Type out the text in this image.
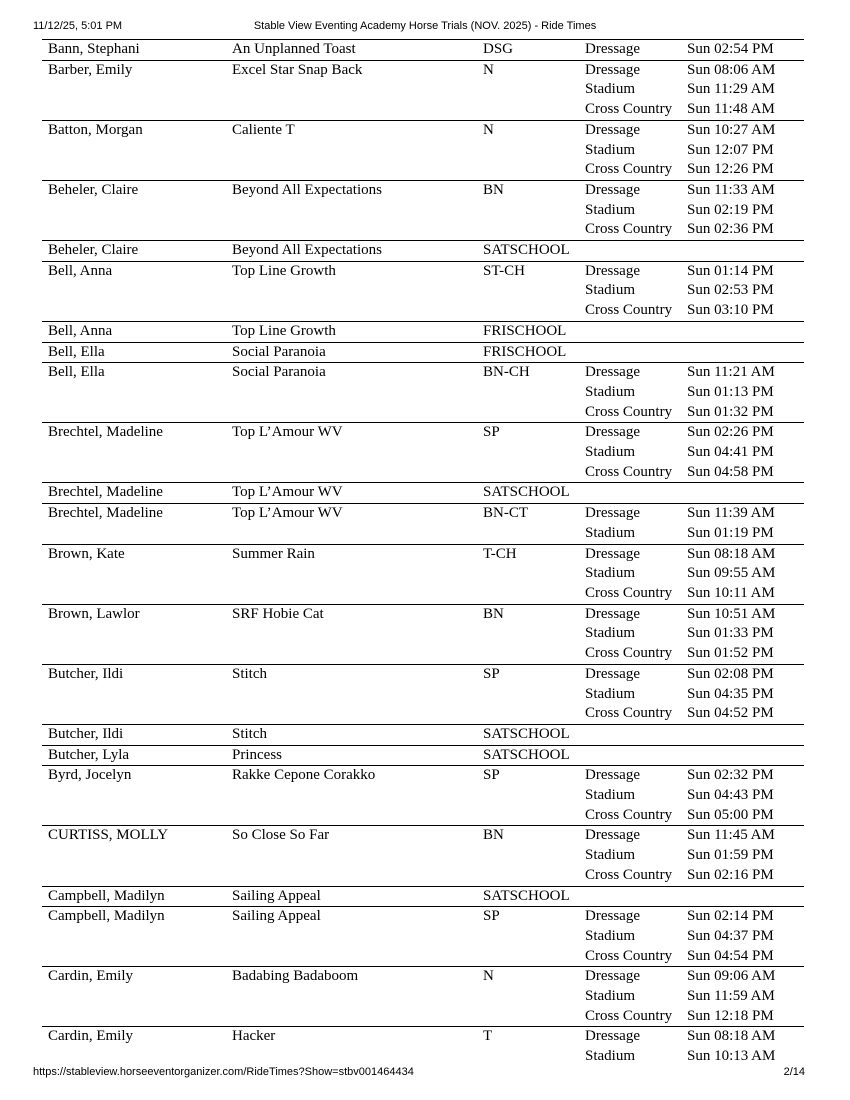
11/12/25, 5:01 PM	Stable View Eventing Academy Horse Trials (NOV. 2025) - Ride Times
Bann, Stephani	An Unplanned Toast	DSG	Dressage	Sun 02:54 PM
Barber, Emily	Excel Star Snap Back	N	Dressage	Sun 08:06 AM
			Stadium	Sun 11:29 AM
			Cross Country	Sun 11:48 AM
Batton, Morgan	Caliente T	N	Dressage	Sun 10:27 AM
			Stadium	Sun 12:07 PM
			Cross Country	Sun 12:26 PM
Beheler, Claire	Beyond All Expectations	BN	Dressage	Sun 11:33 AM
			Stadium	Sun 02:19 PM
			Cross Country	Sun 02:36 PM
Beheler, Claire	Beyond All Expectations	SATSCHOOL		
Bell, Anna	Top Line Growth	ST-CH	Dressage	Sun 01:14 PM
			Stadium	Sun 02:53 PM
			Cross Country	Sun 03:10 PM
Bell, Anna	Top Line Growth	FRISCHOOL		
Bell, Ella	Social Paranoia	FRISCHOOL		
Bell, Ella	Social Paranoia	BN-CH	Dressage	Sun 11:21 AM
			Stadium	Sun 01:13 PM
			Cross Country	Sun 01:32 PM
Brechtel, Madeline	Top L’Amour WV	SP	Dressage	Sun 02:26 PM
			Stadium	Sun 04:41 PM
			Cross Country	Sun 04:58 PM
Brechtel, Madeline	Top L’Amour WV	SATSCHOOL		
Brechtel, Madeline	Top L’Amour WV	BN-CT	Dressage	Sun 11:39 AM
			Stadium	Sun 01:19 PM
Brown, Kate	Summer Rain	T-CH	Dressage	Sun 08:18 AM
			Stadium	Sun 09:55 AM
			Cross Country	Sun 10:11 AM
Brown, Lawlor	SRF Hobie Cat	BN	Dressage	Sun 10:51 AM
			Stadium	Sun 01:33 PM
			Cross Country	Sun 01:52 PM
Butcher, Ildi	Stitch	SP	Dressage	Sun 02:08 PM
			Stadium	Sun 04:35 PM
			Cross Country	Sun 04:52 PM
Butcher, Ildi	Stitch	SATSCHOOL		
Butcher, Lyla	Princess	SATSCHOOL		
Byrd, Jocelyn	Rakke Cepone Corakko	SP	Dressage	Sun 02:32 PM
			Stadium	Sun 04:43 PM
			Cross Country	Sun 05:00 PM
CURTISS, MOLLY	So Close So Far	BN	Dressage	Sun 11:45 AM
			Stadium	Sun 01:59 PM
			Cross Country	Sun 02:16 PM
Campbell, Madilyn	Sailing Appeal	SATSCHOOL		
Campbell, Madilyn	Sailing Appeal	SP	Dressage	Sun 02:14 PM
			Stadium	Sun 04:37 PM
			Cross Country	Sun 04:54 PM
Cardin, Emily	Badabing Badaboom	N	Dressage	Sun 09:06 AM
			Stadium	Sun 11:59 AM
			Cross Country	Sun 12:18 PM
Cardin, Emily	Hacker	T	Dressage	Sun 08:18 AM
			Stadium	Sun 10:13 AM
https://stableview.horseeventorganizer.com/RideTimes?Show=stbv001464434	2/14
